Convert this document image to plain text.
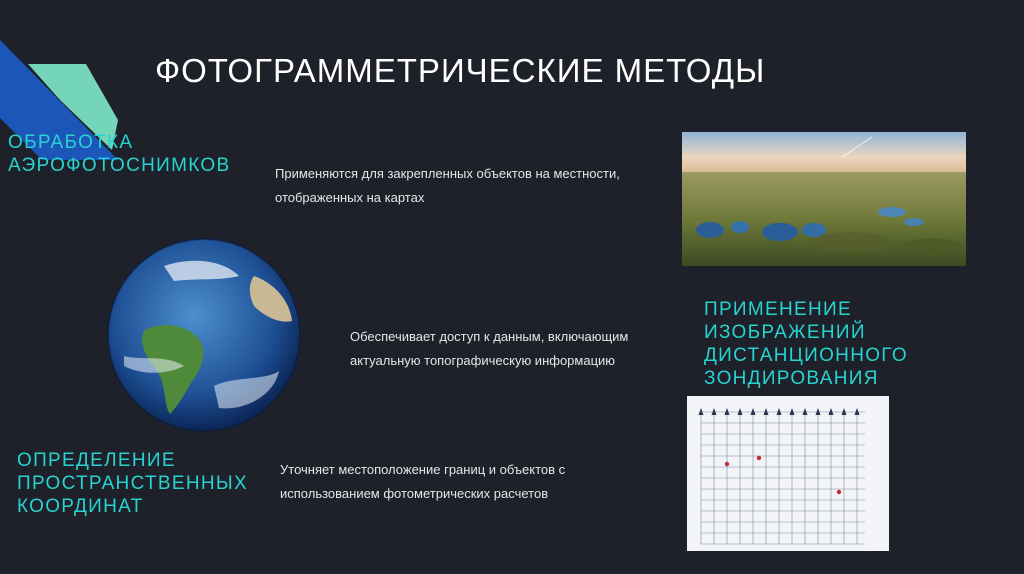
ФОТОГРАММЕТРИЧЕСКИЕ МЕТОДЫ
ОБРАБОТКА
АЭРОФОТОСНИМКОВ	Применяются для закрепленных объектов на местности,
отображенных на картах
ПРИМЕНЕНИЕ
ИЗОБРАЖЕНИЙ
ДИСТАНЦИОННОГО
ЗОНДИРОВАНИЯ
Обеспечивает доступ к данным, включающим
актуальную топографическую информацию
ОПРЕДЕЛЕНИЕ
ПРОСТРАНСТВЕННЫХ
КООРДИНАТ
Уточняет местоположение границ и объектов с
использованием фотометрических расчетов
